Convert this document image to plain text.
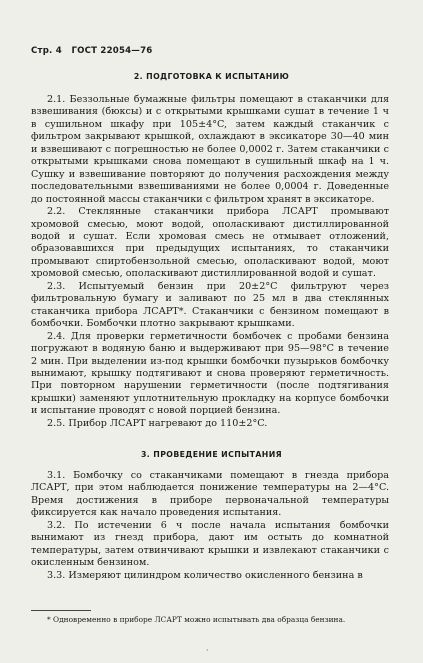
Стр. 4 ГОСТ 22054—76
2. ПОДГОТОВКА К ИСПЫТАНИЮ

2.1. Беззольные бумажные фильтры помещают в стаканчики для взвешивания (бюксы) и с открытыми крышками сушат в течение 1 ч в сушильном шкафу при 105±4°C, затем каждый стаканчик с фильтром закрывают крышкой, охлаждают в эксикаторе 30—40 мин и взвешивают с погрешностью не более 0,0002 г. Затем стаканчики с открытыми крышками снова помещают в сушильный шкаф на 1 ч. Сушку и взвешивание повторяют до получения расхождения между последовательными взвешиваниями не более 0,0004 г. Доведенные до постоянной массы стаканчики с фильтром хранят в эксикаторе.

2.2. Стеклянные стаканчики прибора ЛСАРТ промывают хромовой смесью, моют водой, ополаскивают дистиллированной водой и сушат. Если хромовая смесь не отмывает отложений, образовавшихся при предыдущих испытаниях, то стаканчики промывают спиртобензольной смесью, ополаскивают водой, моют хромовой смесью, ополаскивают дистиллированной водой и сушат.

2.3. Испытуемый бензин при 20±2°C фильтруют через фильтровальную бумагу и заливают по 25 мл в два стеклянных стаканчика прибора ЛСАРТ*. Стаканчики с бензином помещают в бомбочки. Бомбочки плотно закрывают крышками.

2.4. Для проверки герметичности бомбочек с пробами бензина погружают в водяную баню и выдерживают при 95—98°C в течение 2 мин. При выделении из-под крышки бомбочки пузырьков бомбочку вынимают, крышку подтягивают и снова проверяют герметичность. При повторном нарушении герметичности (после подтягивания крышки) заменяют уплотнительную прокладку на корпусе бомбочки и испытание проводят с новой порцией бензина.

2.5. Прибор ЛСАРТ нагревают до 110±2°C.

3. ПРОВЕДЕНИЕ ИСПЫТАНИЯ

3.1. Бомбочку со стаканчиками помещают в гнезда прибора ЛСАРТ, при этом наблюдается понижение температуры на 2—4°C. Время достижения в приборе первоначальной температуры фиксируется как начало проведения испытания.

3.2. По истечении 6 ч после начала испытания бомбочки вынимают из гнезд прибора, дают им остыть до комнатной температуры, затем отвинчивают крышки и извлекают стаканчики с окисленным бензином.

3.3. Измеряют цилиндром количество окисленного бензина в

* Одновременно в приборе ЛСАРТ можно испытывать два образца бензина.
·
